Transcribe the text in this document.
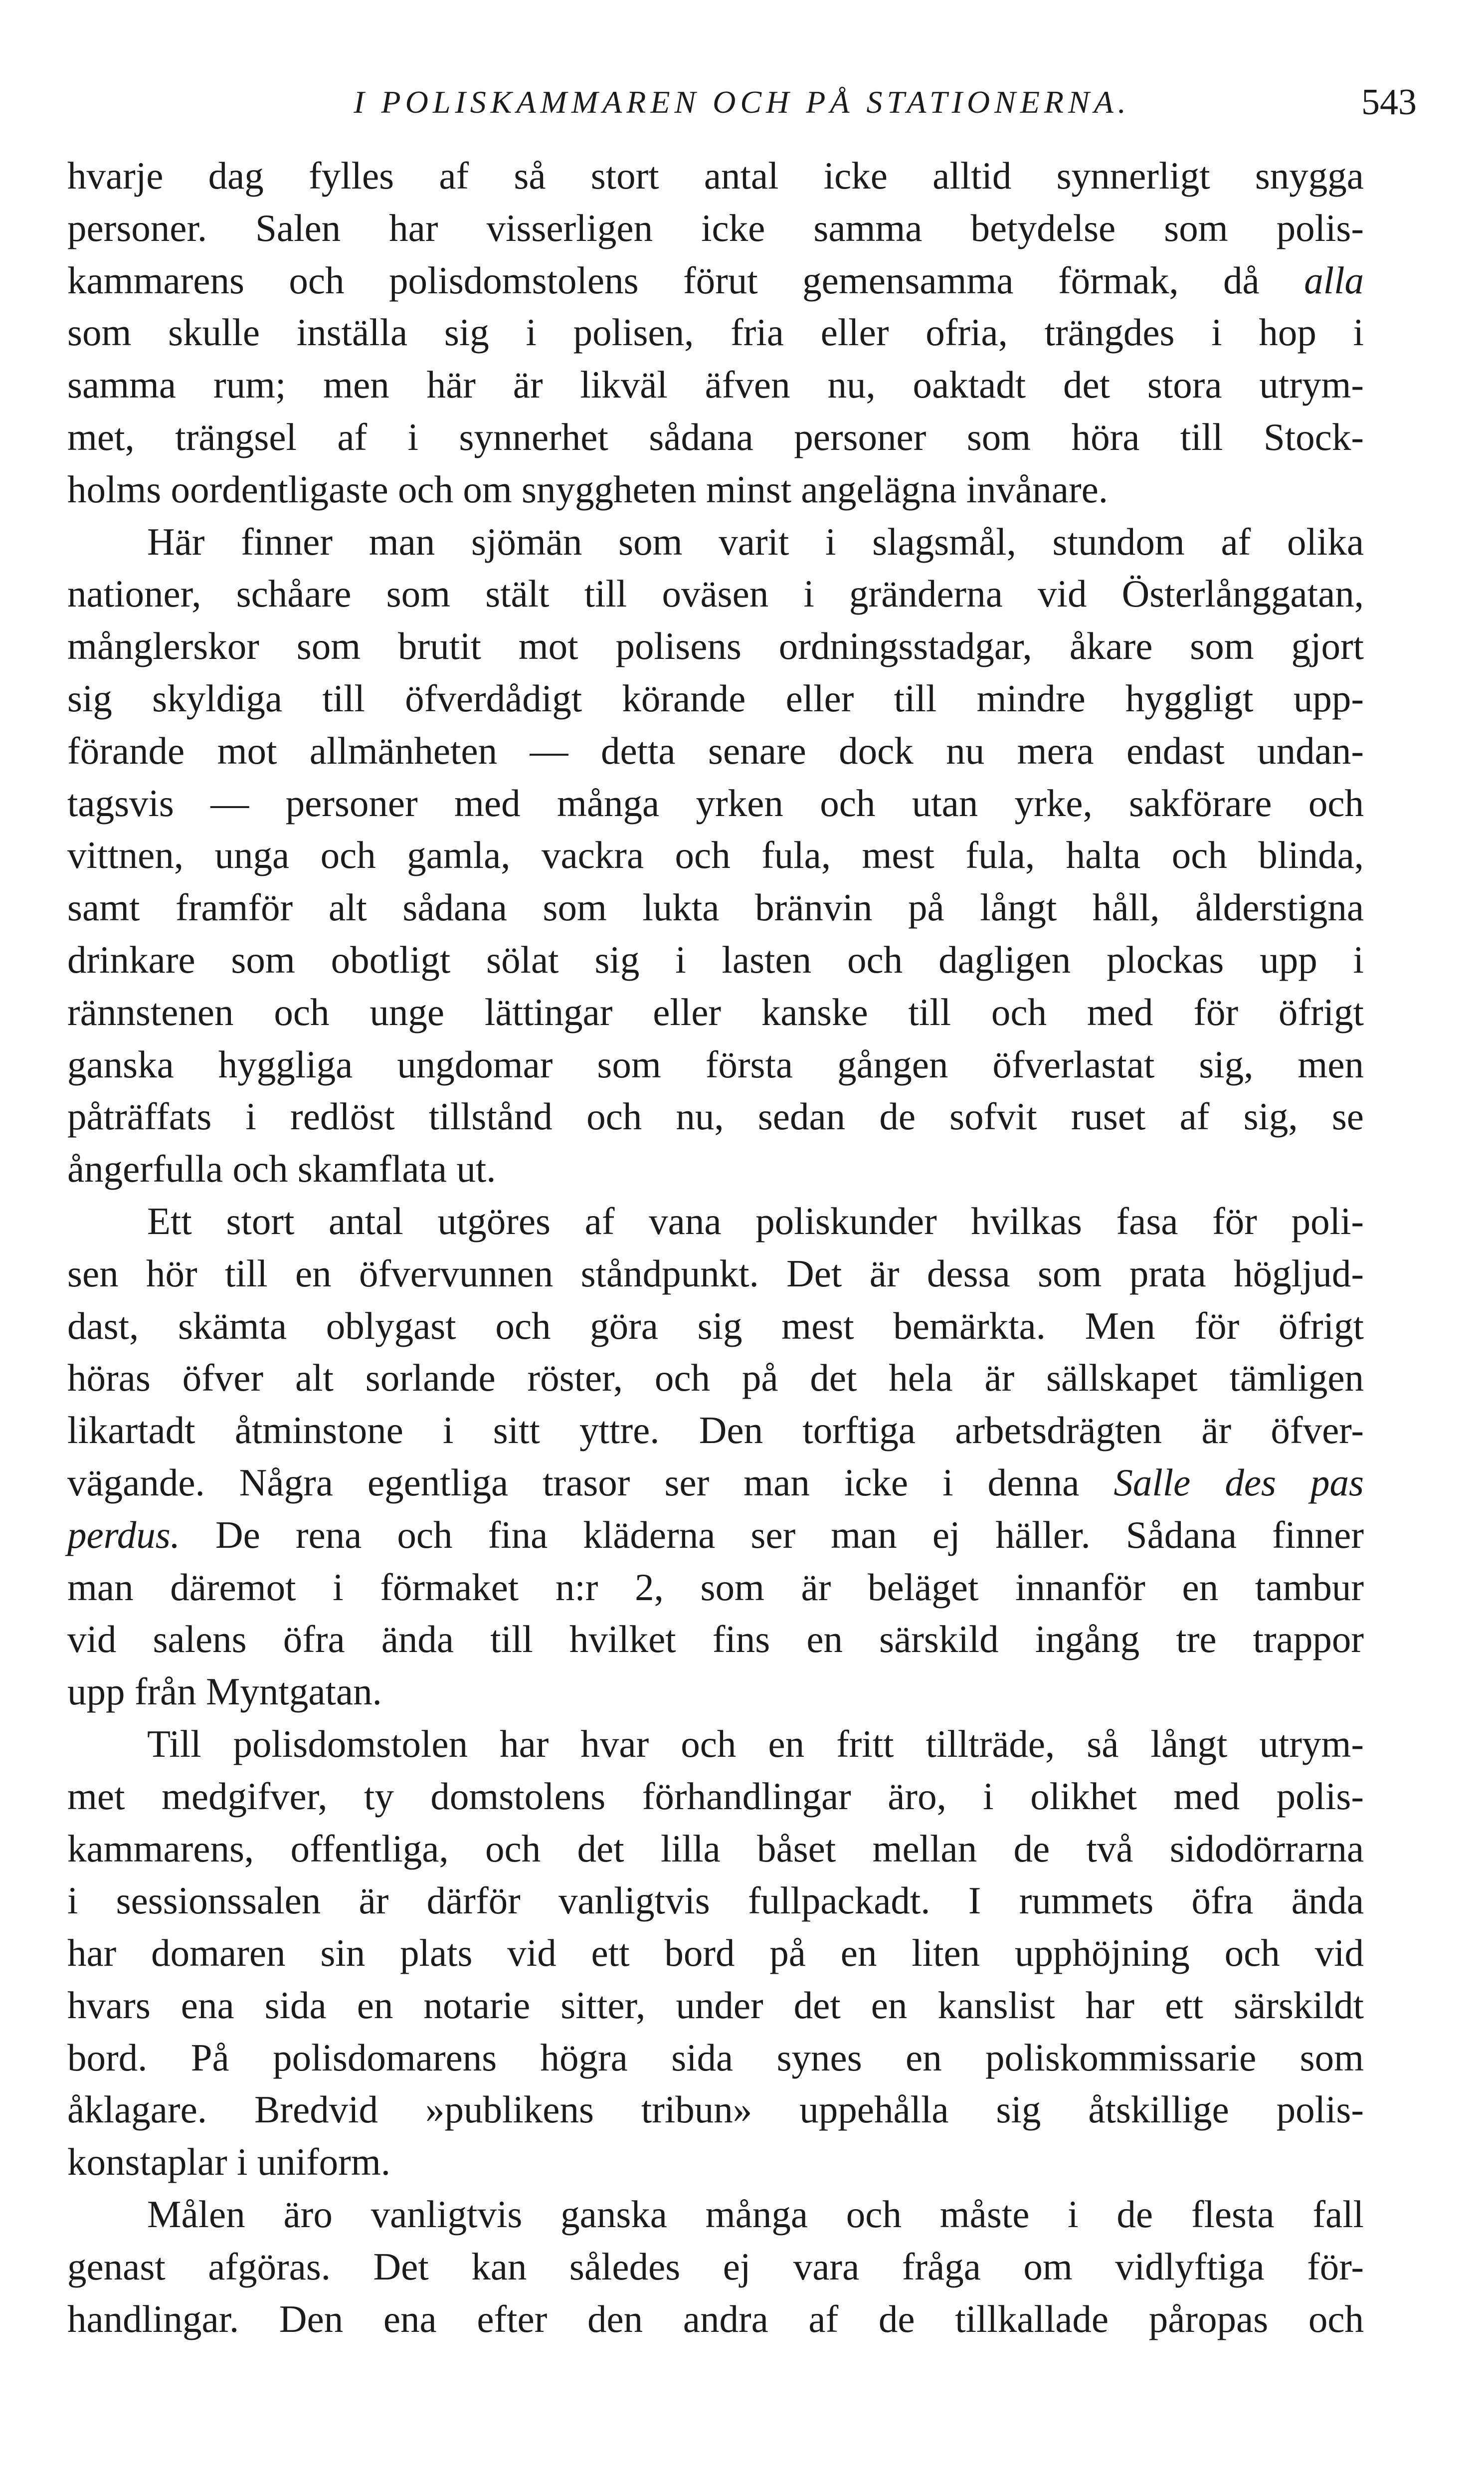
I POLISKAMMAREN OCH PÅ STATIONERNA.	543
hvarje dag fylles af så stort antal icke alltid synnerligt snygga
personer. Salen har visserligen icke samma betydelse som polis-
kammarens och polisdomstolens förut gemensamma förmak, då alla
som skulle inställa sig i polisen, fria eller ofria, trängdes i hop i
samma rum; men här är likväl äfven nu, oaktadt det stora utrym-
met, trängsel af i synnerhet sådana personer som höra till Stock-
holms oordentligaste och om snyggheten minst angelägna invånare.
Här finner man sjömän som varit i slagsmål, stundom af olika
nationer, schåare som stält till oväsen i gränderna vid Österlånggatan,
månglerskor som brutit mot polisens ordningsstadgar, åkare som gjort
sig skyldiga till öfverdådigt körande eller till mindre hyggligt upp-
förande mot allmänheten — detta senare dock nu mera endast undan-
tagsvis — personer med många yrken och utan yrke, sakförare och
vittnen, unga och gamla, vackra och fula, mest fula, halta och blinda,
samt framför alt sådana som lukta bränvin på långt håll, ålderstigna
drinkare som obotligt sölat sig i lasten och dagligen plockas upp i
rännstenen och unge lättingar eller kanske till och med för öfrigt
ganska hyggliga ungdomar som första gången öfverlastat sig, men
påträffats i redlöst tillstånd och nu, sedan de sofvit ruset af sig, se
ångerfulla och skamflata ut.
Ett stort antal utgöres af vana poliskunder hvilkas fasa för poli-
sen hör till en öfvervunnen ståndpunkt. Det är dessa som prata högljud-
dast, skämta oblygast och göra sig mest bemärkta. Men för öfrigt
höras öfver alt sorlande röster, och på det hela är sällskapet tämligen
likartadt åtminstone i sitt yttre. Den torftiga arbetsdrägten är öfver-
vägande. Några egentliga trasor ser man icke i denna Salle des pas
perdus. De rena och fina kläderna ser man ej häller. Sådana finner
man däremot i förmaket n:r 2, som är beläget innanför en tambur
vid salens öfra ända till hvilket fins en särskild ingång tre trappor
upp från Myntgatan.
Till polisdomstolen har hvar och en fritt tillträde, så långt utrym-
met medgifver, ty domstolens förhandlingar äro, i olikhet med polis-
kammarens, offentliga, och det lilla båset mellan de två sidodörrarna
i sessionssalen är därför vanligtvis fullpackadt. I rummets öfra ända
har domaren sin plats vid ett bord på en liten upphöjning och vid
hvars ena sida en notarie sitter, under det en kanslist har ett särskildt
bord. På polisdomarens högra sida synes en poliskommissarie som
åklagare. Bredvid »publikens tribun» uppehålla sig åtskillige polis-
konstaplar i uniform.
Målen äro vanligtvis ganska många och måste i de flesta fall
genast afgöras. Det kan således ej vara fråga om vidlyftiga för-
handlingar. Den ena efter den andra af de tillkallade påropas och
